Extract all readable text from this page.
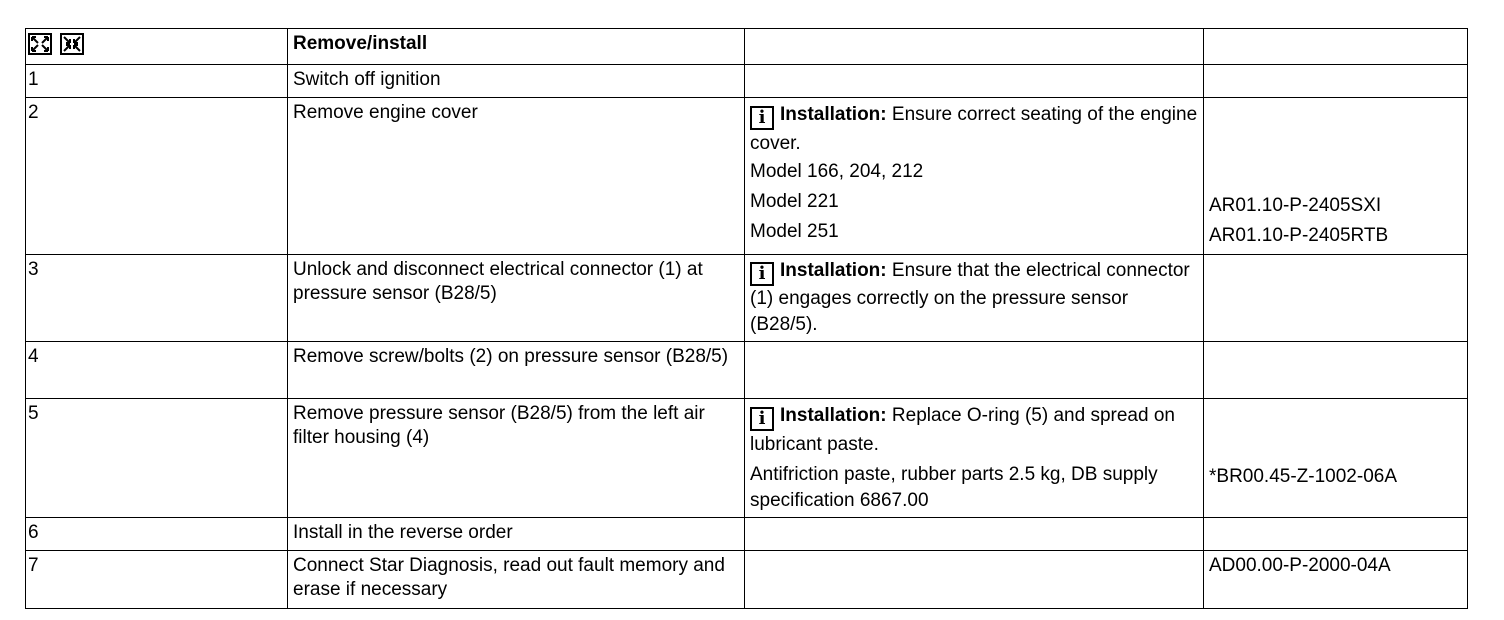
	Remove/install		
1	Switch off ignition		
2	Remove engine cover	i Installation: Ensure correct seating of the engine cover.
Model 166, 204, 212
Model 221
Model 251	AR01.10-P-2405SXI
AR01.10-P-2405RTB

3	Unlock and disconnect electrical connector (1) at pressure sensor (B28/5)	i Installation: Ensure that the electrical connector (1) engages correctly on the pressure sensor (B28/5).	

4	Remove screw/bolts (2) on pressure sensor (B28/5)		
5	Remove pressure sensor (B28/5) from the left air filter housing (4)	i Installation: Replace O-ring (5) and spread on lubricant paste.
Antifriction paste, rubber parts 2.5 kg, DB supply specification 6867.00	*BR00.45-Z-1002-06A

6	Install in the reverse order		
7	Connect Star Diagnosis, read out fault memory and erase if necessary		AD00.00-P-2000-04A
